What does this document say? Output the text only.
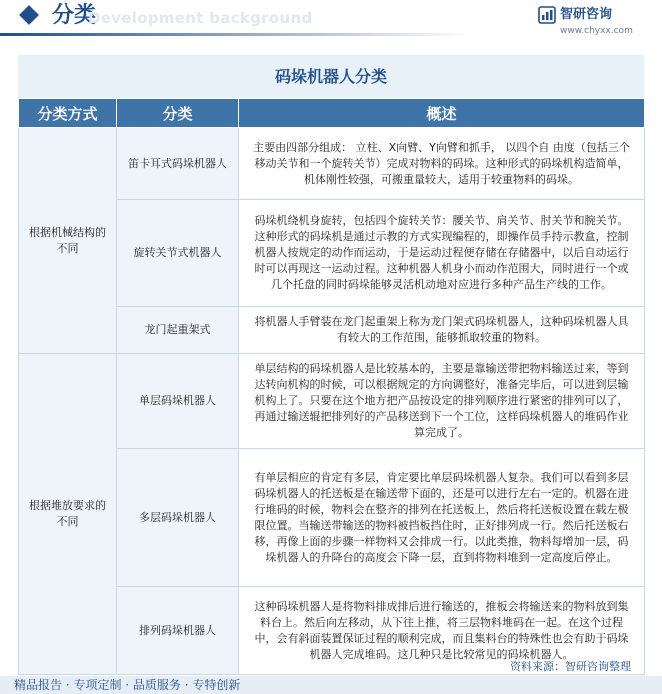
分类
Development background	智研咨询
www.chyxx.com
码垛机器人分类
分类方式	分类	概述
根据机械结构的不同	笛卡耳式码垛机器人	主要由四部分组成： 立柱、X向臂、Y向臂和抓手， 以四个自 由度（包括三个移动关节和一个旋转关节）完成对物料的码垛。这种形式的码垛机构造简单，机体刚性较强，可搬重量较大，适用于较重物料的码垛。
	旋转关节式机器人	码垛机绕机身旋转，包括四个旋转关节：腰关节、肩关节、肘关节和腕关节。这种形式的码垛机是通过示教的方式实现编程的，即操作员手持示教盒，控制机器人按规定的动作而运动，于是运动过程便存储在存储器中，以后自动运行时可以再现这一运动过程。这种机器人机身小而动作范围大，同时进行一个或几个托盘的同时码垛能够灵活机动地对应进行多种产品生产线的工作。
	龙门起重架式	将机器人手臂装在龙门起重架上称为龙门架式码垛机器人，这种码垛机器人具有较大的工作范围，能够抓取较重的物料。
根据堆放要求的不同	单层码垛机器人	单层结构的码垛机器人是比较基本的，主要是靠输送带把物料输送过来，等到达转向机构的时候，可以根据规定的方向调整好，准备完毕后，可以进到层输机构上了。只要在这个地方把产品按设定的排列顺序进行紧密的排列可以了，再通过输送辊把排列好的产品移送到下一个工位，这样码垛机器人的堆码作业算完成了。
	多层码垛机器人	有单层相应的肯定有多层，肯定要比单层码垛机器人复杂。我们可以看到多层码垛机器人的托送板是在输送带下面的，还是可以进行左右一定的。机器在进行堆码的时候，物料会在整齐的排列在托送板上，然后将托送板设置在载左极限位置。当输送带输送的物料被挡板挡住时，正好排列成一行。然后托送板右移，再像上面的步骤一样物料又会排成一行。以此类推，物料每增加一层，码垛机器人的升降台的高度会下降一层，直到将物料堆到一定高度后停止。
	排列码垛机器人	这种码垛机器人是将物料排成排后进行输送的，推板会将输送来的物料放到集料台上。然后向左移动，从下往上推，将三层物料堆码在一起。在这个过程中，会有斜面装置保证过程的顺利完成，而且集料台的特殊性也会有助于码垛机器人完成堆码。这几种只是比较常见的码垛机器人。
资料来源：智研咨询整理
精品报告 · 专项定制 · 品质服务 · 专特创新
